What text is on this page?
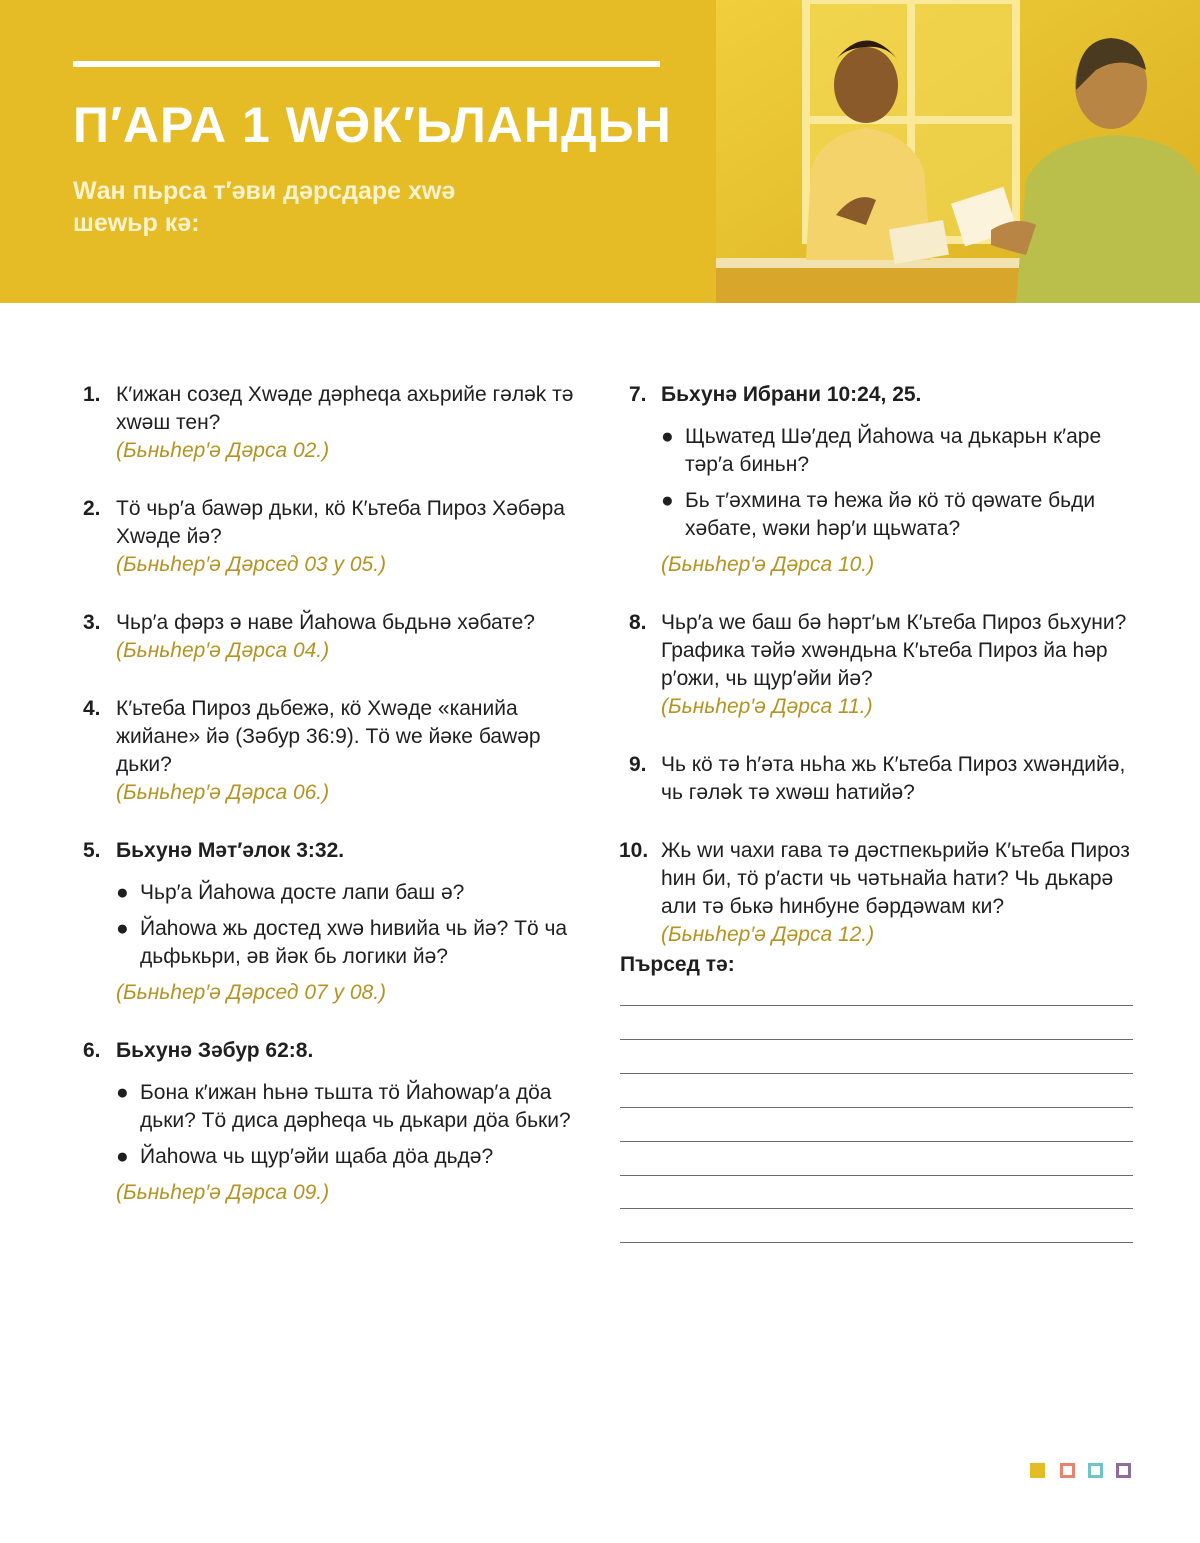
П′АРА 1 WƏК′ЬЛАНДЬН

Wан пьрса т′əви дəрсдаре хwə шеwьр кə:

1. К′ижан созед Хwəде дəрheqа ахьрийе гəлək тə хwəш тен?
(Бьньhер′ə Дəрса 02.)
2. Тö чьр′а баwəр дьки, кö К′ьтеба Пироз Хəбəра Хwəде йə?
(Бьньhер′ə Дəрсед 03 у 05.)
3. Чьр′а фəрз ə наве Йаhowa бьдьнə хəбате?
(Бьньhер′ə Дəрса 04.)
4. К′ьтеба Пироз дьбежə, кö Хwəде «канийа жийане» йə (Зəбур 36:9). Тö wе йəке баwəр дьки?
(Бьньhер′ə Дəрса 06.)
5. Бьхунə Мəт′əлок 3:32.
● Чьр′а Йаhowa досте лапи баш ə?
● Йаhowa жь достед хwə hивийа чь йə? Тö ча дьфькьри, əв йəк бь логики йə?
(Бьньhер′ə Дəрсед 07 у 08.)
6. Бьхунə Зəбур 62:8.
● Бона к′ижан hьнə тьшта тö Йаhowар′а дöа дьки? Тö диса дəрheqа чь дькари дöа бьки?
● Йаhowa чь щур′əйи щаба дöа дьдə?
(Бьньhер′ə Дəрса 09.)
7. Бьхунə Ибрани 10:24, 25.
● Щьwатед Шə′дед Йаhowa ча дькарьн к′аре тəр′а биньн?
● Бь т′əхмина тə hежа йə кö тö qəwате бьди хəбате, wəки həр′и щьwата?
(Бьньhер′ə Дəрса 10.)
8. Чьр′а wе баш бə həрт′ьм К′ьтеба Пироз бьхуни? Графика тəйə хwəндьна К′ьтеба Пироз йа həр р′ожи, чь щур′əйи йə?
(Бьньhер′ə Дəрса 11.)
9. Чь кö тə h′əта ньhа жь К′ьтеба Пироз хwəндийə, чь гəлək тə хwəш hатийə?
10. Жь wи чахи гава тə дəстпекьрийə К′ьтеба Пироз hин би, тö р′асти чь чəтьнайа hати? Чь дькарə али тə бькə hинбуне бəрдəwам ки?
(Бьньhер′ə Дəрса 12.)
Пърсед тə:
